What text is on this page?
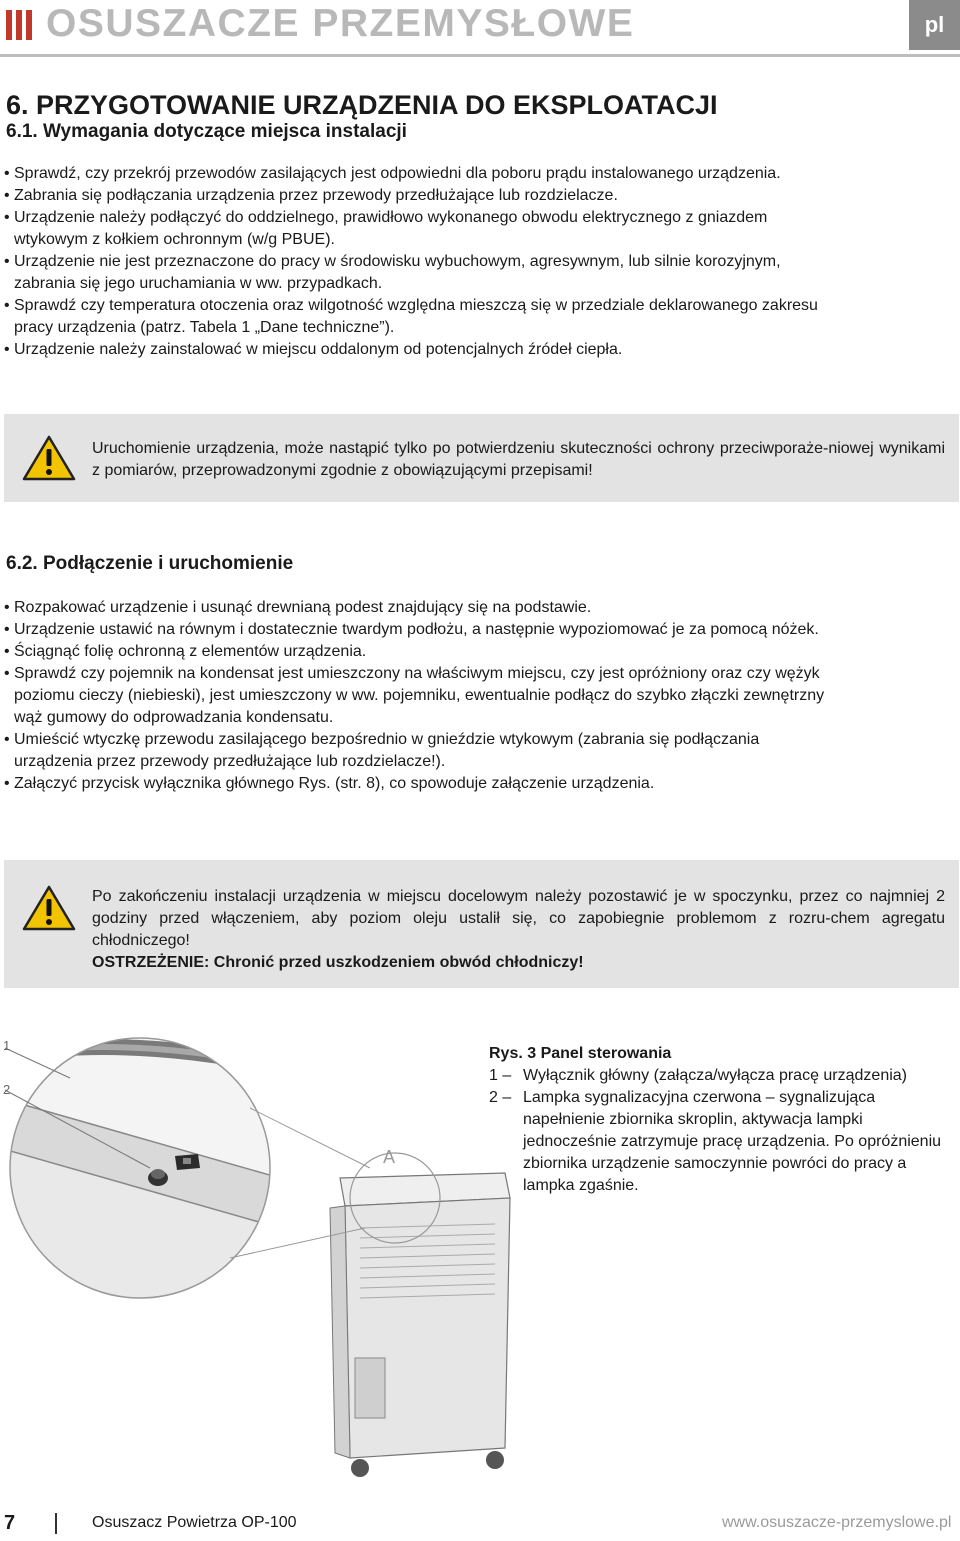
OSUSZACZE PRZEMYSŁOWE	pl
6. PRZYGOTOWANIE URZĄDZENIA DO EKSPLOATACJI
6.1. Wymagania dotyczące miejsca instalacji
• Sprawdź, czy przekrój przewodów zasilających jest odpowiedni dla poboru prądu instalowanego urządzenia.
• Zabrania się podłączania urządzenia przez przewody przedłużające lub rozdzielacze.
• Urządzenie należy podłączyć do oddzielnego, prawidłowo wykonanego obwodu elektrycznego z gniazdem
wtykowym z kołkiem ochronnym (w/g PBUE).
• Urządzenie nie jest przeznaczone do pracy w środowisku wybuchowym, agresywnym, lub silnie korozyjnym,
zabrania się jego uruchamiania w ww. przypadkach.
• Sprawdź czy temperatura otoczenia oraz wilgotność względna mieszczą się w przedziale deklarowanego zakresu
pracy urządzenia (patrz. Tabela 1 „Dane techniczne”).
• Urządzenie należy zainstalować w miejscu oddalonym od potencjalnych źródeł ciepła.
Uruchomienie urządzenia, może nastąpić tylko po potwierdzeniu skuteczności ochrony przeciwporaże-niowej wynikami z pomiarów, przeprowadzonymi zgodnie z obowiązującymi przepisami!
6.2. Podłączenie i uruchomienie
• Rozpakować urządzenie i usunąć drewnianą podest znajdujący się na podstawie.
• Urządzenie ustawić na równym i dostatecznie twardym podłożu, a następnie wypoziomować je za pomocą nóżek.
• Ściągnąć folię ochronną z elementów urządzenia.
• Sprawdź czy pojemnik na kondensat jest umieszczony na właściwym miejscu, czy jest opróżniony oraz czy wężyk
poziomu cieczy (niebieski), jest umieszczony w ww. pojemniku, ewentualnie podłącz do szybko złączki zewnętrzny
wąż gumowy do odprowadzania kondensatu.
• Umieścić wtyczkę przewodu zasilającego bezpośrednio w gnieździe wtykowym (zabrania się podłączania
urządzenia przez przewody przedłużające lub rozdzielacze!).
• Załączyć przycisk wyłącznika głównego Rys. (str. 8), co spowoduje załączenie urządzenia.
Po zakończeniu instalacji urządzenia w miejscu docelowym należy pozostawić je w spoczynku, przez co najmniej 2 godziny przed włączeniem, aby poziom oleju ustalił się, co zapobiegnie problemom z rozru-chem agregatu chłodniczego!
OSTRZEŻENIE: Chronić przed uszkodzeniem obwód chłodniczy!
1
2
A
Rys. 3 Panel sterowania
1 – Wyłącznik główny (załącza/wyłącza pracę urządzenia)
2 – Lampka sygnalizacyjna czerwona – sygnalizująca napełnienie zbiornika skroplin, aktywacja lampki jednocześnie zatrzymuje pracę urządzenia. Po opróżnieniu zbiornika urządzenie samoczynnie powróci do pracy a lampka zgaśnie.
7	Osuszacz Powietrza OP-100	www.osuszacze-przemyslowe.pl
